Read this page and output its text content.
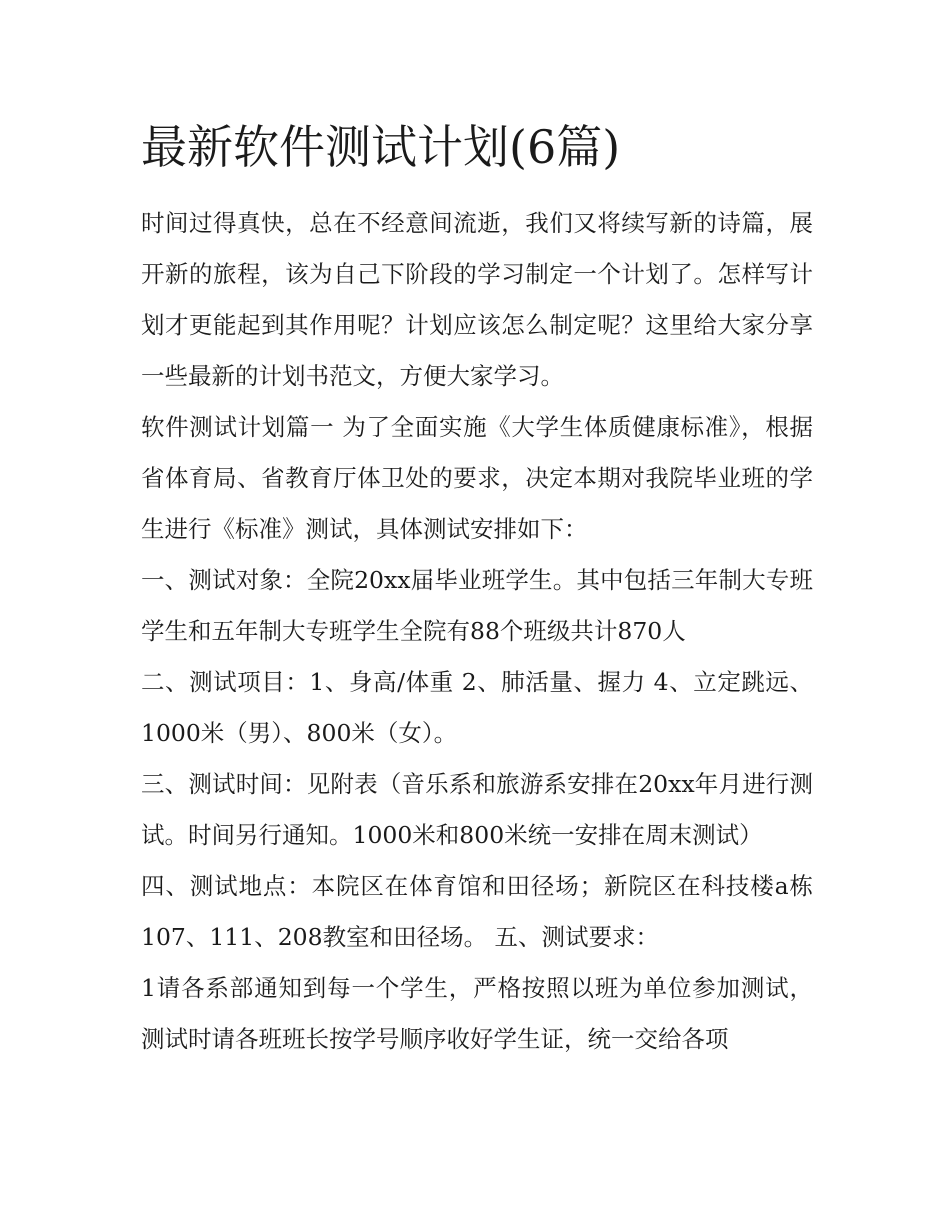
最新软件测试计划(6篇)

时间过得真快，总在不经意间流逝，我们又将续写新的诗篇，展开新的旅程，该为自己下阶段的学习制定一个计划了。怎样写计划才更能起到其作用呢？计划应该怎么制定呢？这里给大家分享一些最新的计划书范文，方便大家学习。

软件测试计划篇一 为了全面实施《大学生体质健康标准》，根据省体育局、省教育厅体卫处的要求，决定本期对我院毕业班的学生进行《标准》测试，具体测试安排如下：

一、测试对象：全院20xx届毕业班学生。其中包括三年制大专班学生和五年制大专班学生全院有88个班级共计870人

二、测试项目：1、身高/体重 2、肺活量、握力 4、立定跳远、1000米（男）、800米（女）。

三、测试时间：见附表（音乐系和旅游系安排在20xx年月进行测试。时间另行通知。1000米和800米统一安排在周末测试）

四、测试地点：本院区在体育馆和田径场；新院区在科技楼a栋107、111、208教室和田径场。 五、测试要求：

1请各系部通知到每一个学生，严格按照以班为单位参加测试，测试时请各班班长按学号顺序收好学生证，统一交给各项
